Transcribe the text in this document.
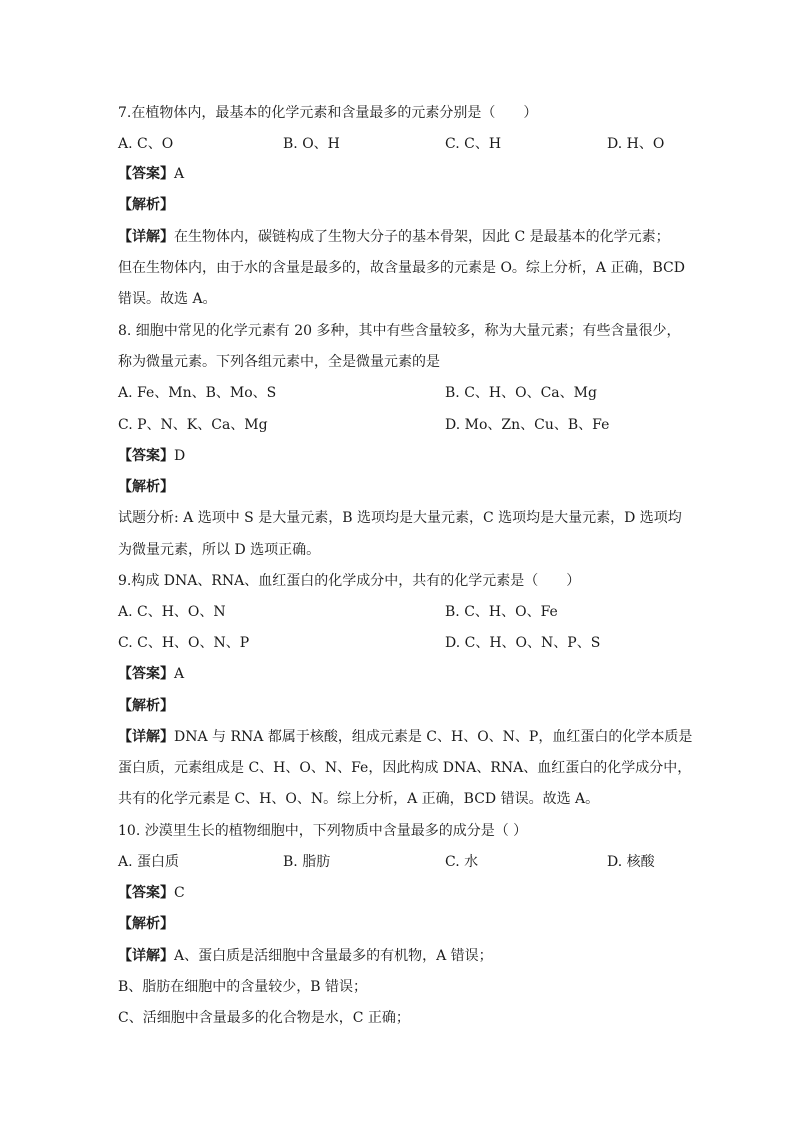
7.在植物体内，最基本的化学元素和含量最多的元素分别是（　　）
A. C、O	B. O、H	C. C、H	D. H、O
【答案】A
【解析】
【详解】在生物体内，碳链构成了生物大分子的基本骨架，因此 C 是最基本的化学元素；
但在生物体内，由于水的含量是最多的，故含量最多的元素是 O。综上分析，A 正确，BCD
错误。故选 A。
8. 细胞中常见的化学元素有 20 多种，其中有些含量较多，称为大量元素；有些含量很少，
称为微量元素。下列各组元素中，全是微量元素的是
A. Fe、Mn、B、Mo、S	B. C、H、O、Ca、Mg
C. P、N、K、Ca、Mg	D. Mo、Zn、Cu、B、Fe
【答案】D
【解析】
试题分析: A 选项中 S 是大量元素，B 选项均是大量元素，C 选项均是大量元素，D 选项均
为微量元素，所以 D 选项正确。
9.构成 DNA、RNA、血红蛋白的化学成分中，共有的化学元素是（　　）
A. C、H、O、N	B. C、H、O、Fe
C. C、H、O、N、P	D. C、H、O、N、P、S
【答案】A
【解析】
【详解】DNA 与 RNA 都属于核酸，组成元素是 C、H、O、N、P，血红蛋白的化学本质是
蛋白质，元素组成是 C、H、O、N、Fe，因此构成 DNA、RNA、血红蛋白的化学成分中，
共有的化学元素是 C、H、O、N。综上分析，A 正确，BCD 错误。故选 A。
10. 沙漠里生长的植物细胞中，下列物质中含量最多的成分是（ ）
A. 蛋白质	B. 脂肪	C. 水	D. 核酸
【答案】C
【解析】
【详解】A、蛋白质是活细胞中含量最多的有机物，A 错误；
B、脂肪在细胞中的含量较少，B 错误；
C、活细胞中含量最多的化合物是水，C 正确；
